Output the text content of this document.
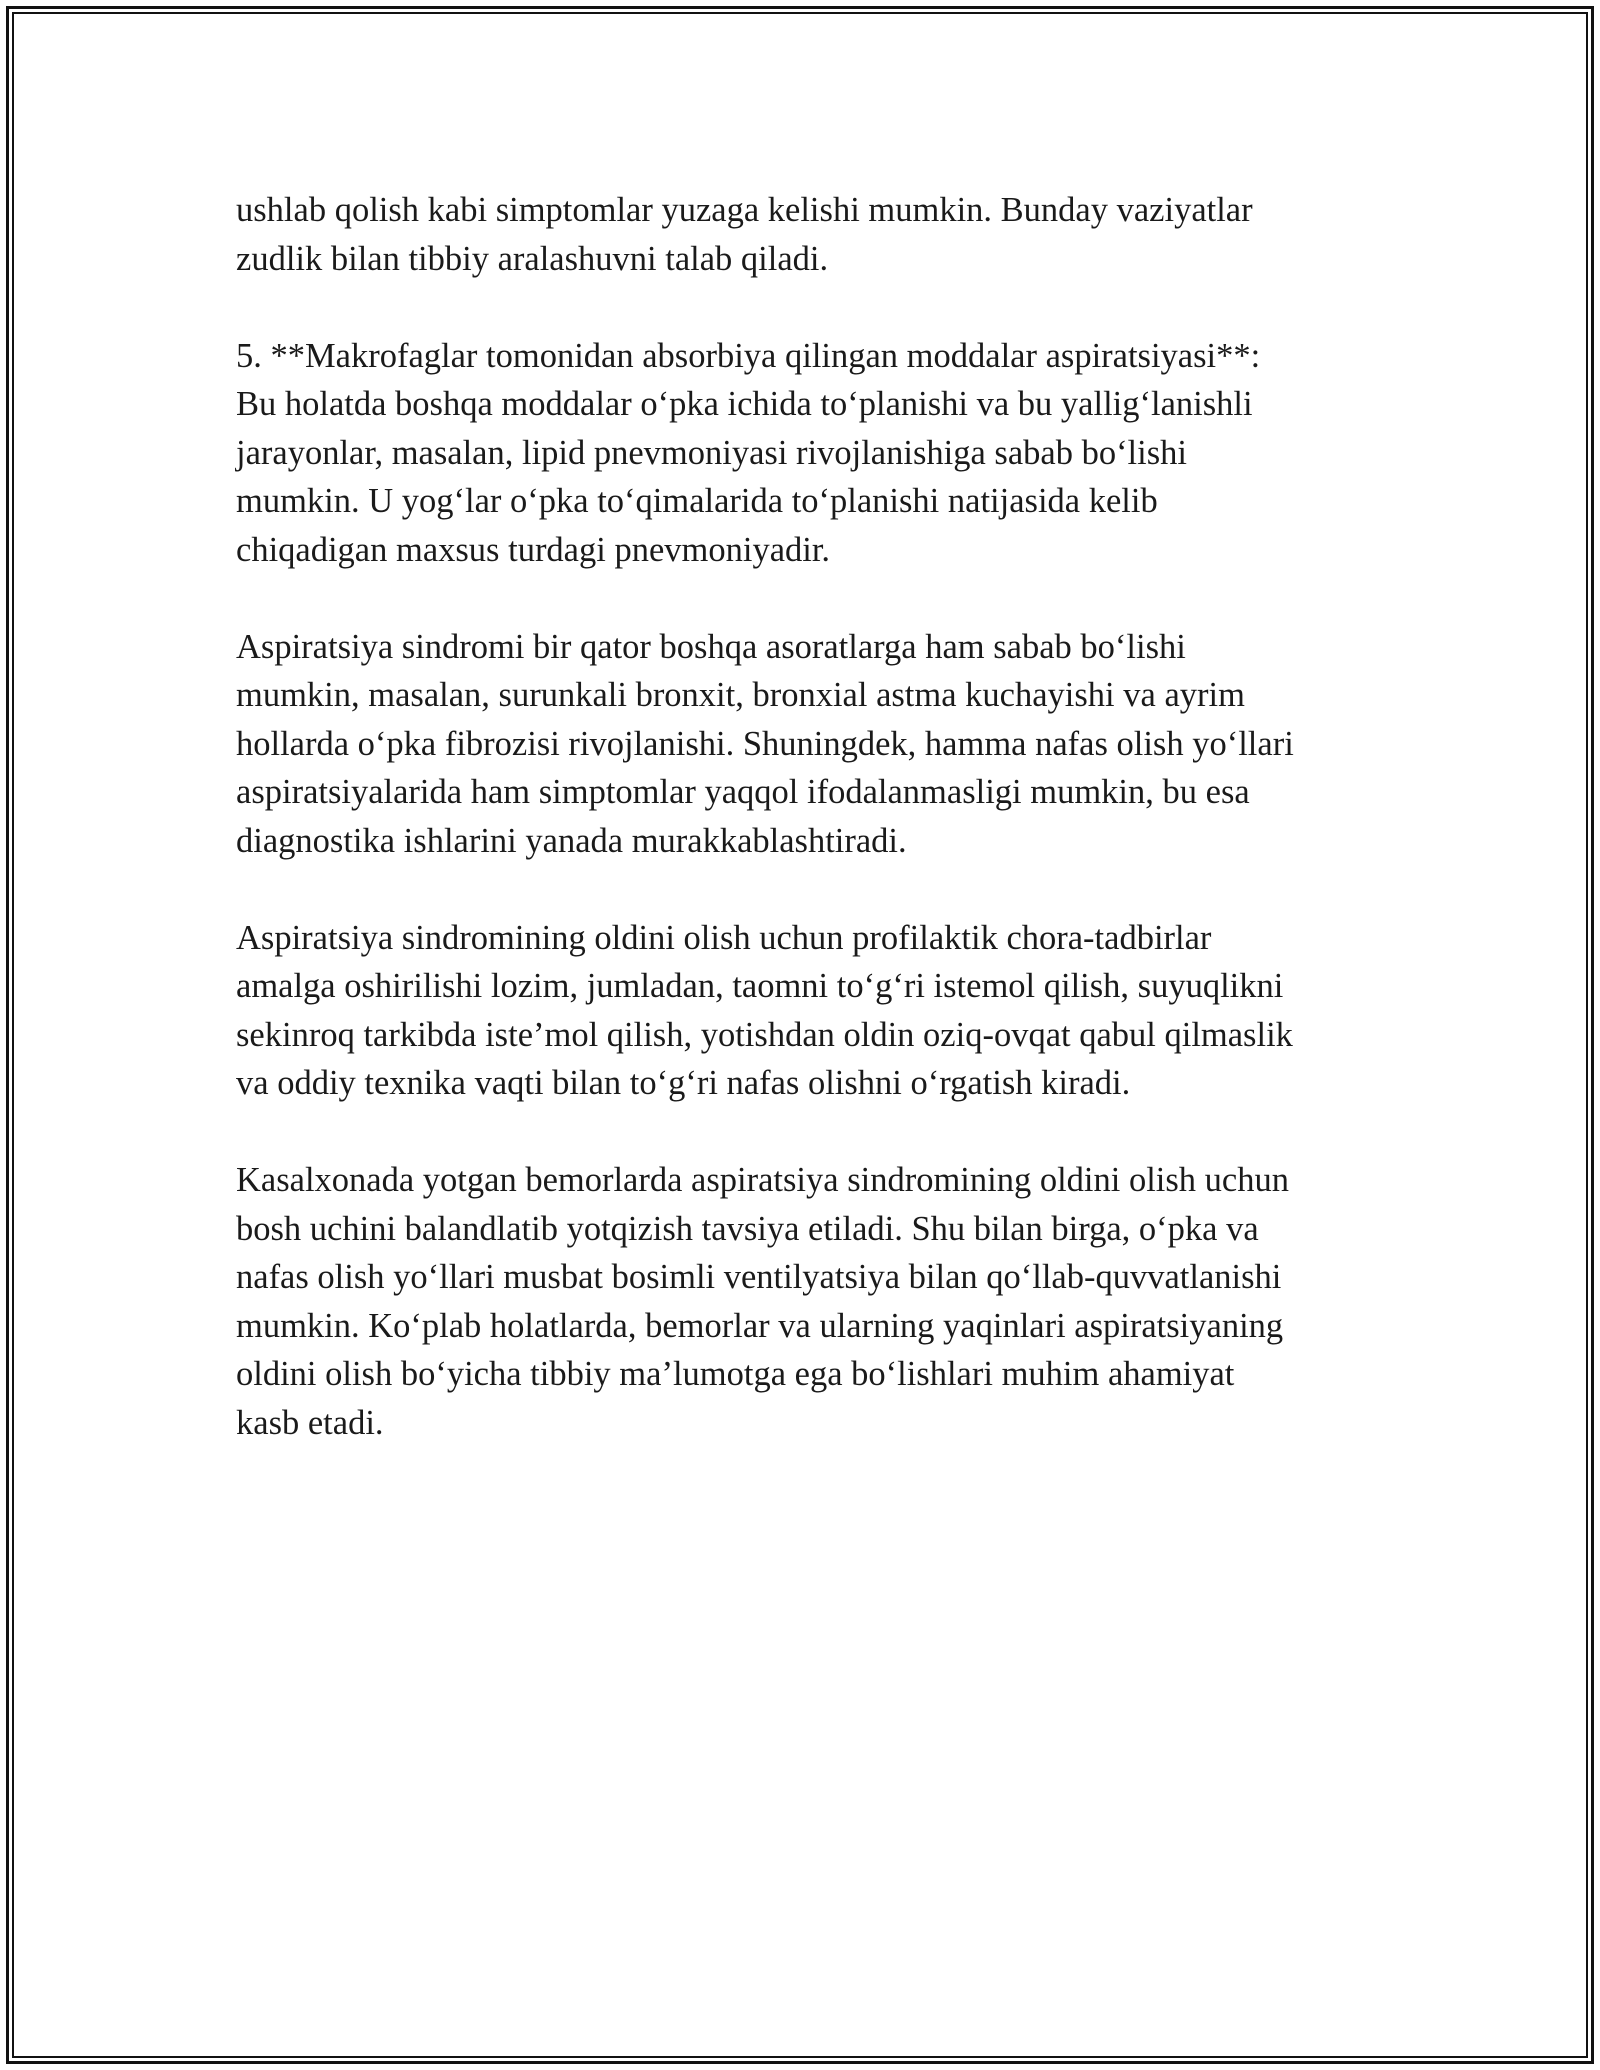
ushlab qolish kabi simptomlar yuzaga kelishi mumkin. Bunday vaziyatlar
zudlik bilan tibbiy aralashuvni talab qiladi.

5. **Makrofaglar tomonidan absorbiya qilingan moddalar aspiratsiyasi**:
Bu holatda boshqa moddalar o‘pka ichida to‘planishi va bu yallig‘lanishli
jarayonlar, masalan, lipid pnevmoniyasi rivojlanishiga sabab bo‘lishi
mumkin. U yog‘lar o‘pka to‘qimalarida to‘planishi natijasida kelib
chiqadigan maxsus turdagi pnevmoniyadir.

Aspiratsiya sindromi bir qator boshqa asoratlarga ham sabab bo‘lishi
mumkin, masalan, surunkali bronxit, bronxial astma kuchayishi va ayrim
hollarda o‘pka fibrozisi rivojlanishi. Shuningdek, hamma nafas olish yo‘llari
aspiratsiyalarida ham simptomlar yaqqol ifodalanmasligi mumkin, bu esa
diagnostika ishlarini yanada murakkablashtiradi.

Aspiratsiya sindromining oldini olish uchun profilaktik chora-tadbirlar
amalga oshirilishi lozim, jumladan, taomni to‘g‘ri istemol qilish, suyuqlikni
sekinroq tarkibda iste’mol qilish, yotishdan oldin oziq-ovqat qabul qilmaslik
va oddiy texnika vaqti bilan to‘g‘ri nafas olishni o‘rgatish kiradi.

Kasalxonada yotgan bemorlarda aspiratsiya sindromining oldini olish uchun
bosh uchini balandlatib yotqizish tavsiya etiladi. Shu bilan birga, o‘pka va
nafas olish yo‘llari musbat bosimli ventilyatsiya bilan qo‘llab-quvvatlanishi
mumkin. Ko‘plab holatlarda, bemorlar va ularning yaqinlari aspiratsiyaning
oldini olish bo‘yicha tibbiy ma’lumotga ega bo‘lishlari muhim ahamiyat
kasb etadi.
